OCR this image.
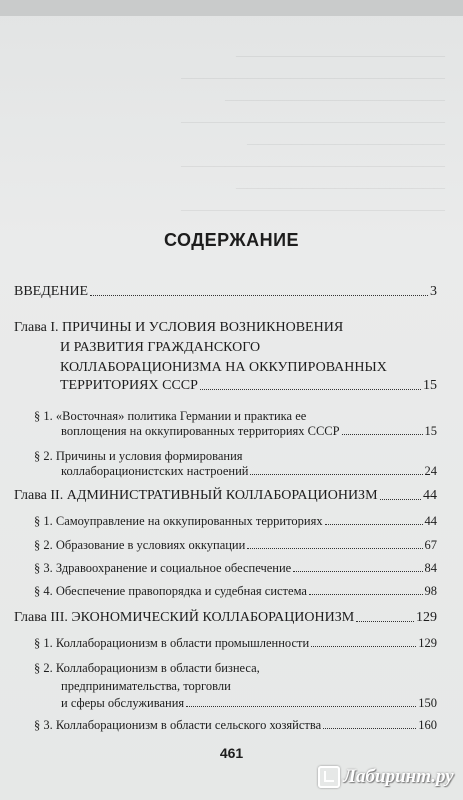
————————————————————————
———————————————————
————————————————————————
——————————————————
————————————————————————
————————————————————
————————————————————————
———————————————————
СОДЕРЖАНИЕ
ВВЕДЕНИЕ	3
Глава I. ПРИЧИНЫ И УСЛОВИЯ ВОЗНИКНОВЕНИЯ
И РАЗВИТИЯ ГРАЖДАНСКОГО
КОЛЛАБОРАЦИОНИЗМА НА ОККУПИРОВАННЫХ
ТЕРРИТОРИЯХ СССР	15
§ 1. «Восточная» политика Германии и практика ее
воплощения на оккупированных территориях СССР	15
§ 2. Причины и условия формирования
коллаборационистских настроений	24
Глава II. АДМИНИСТРАТИВНЫЙ КОЛЛАБОРАЦИОНИЗМ	44
§ 1. Самоуправление на оккупированных территориях	44
§ 2. Образование в условиях оккупации	67
§ 3. Здравоохранение и социальное обеспечение	84
§ 4. Обеспечение правопорядка и судебная система	98
Глава III. ЭКОНОМИЧЕСКИЙ КОЛЛАБОРАЦИОНИЗМ	129
§ 1. Коллаборационизм в области промышленности	129
§ 2. Коллаборационизм в области бизнеса,
предпринимательства, торговли
и сферы обслуживания	150
§ 3. Коллаборационизм в области сельского хозяйства	160
461
Лабиринт.ру
